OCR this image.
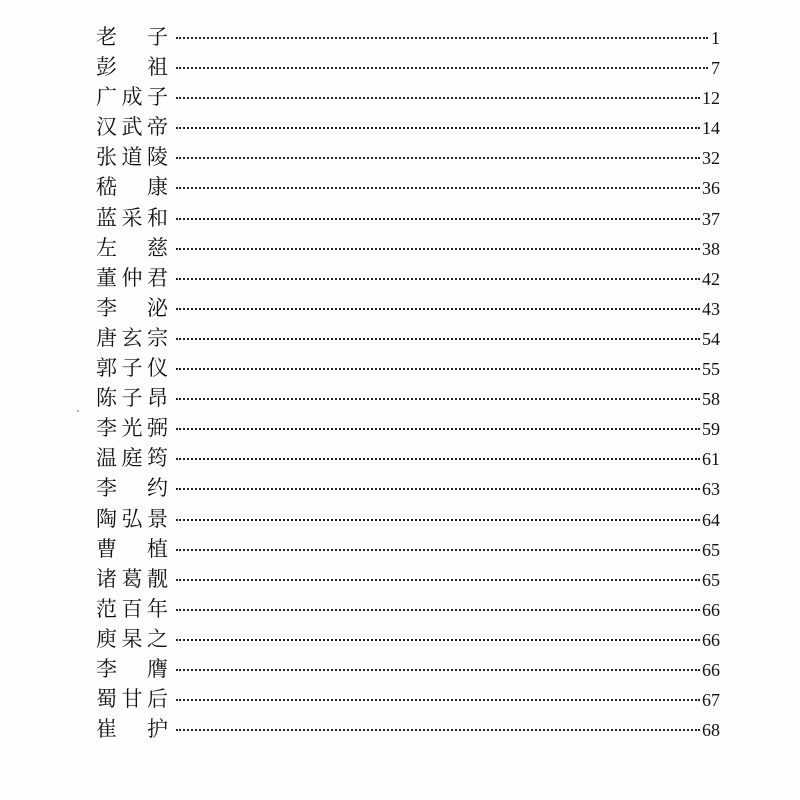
老 子	1
彭 祖	7
广成子	12
汉武帝	14
张道陵	32
嵇 康	36
蓝采和	37
左 慈	38
董仲君	42
李 泌	43
唐玄宗	54
郭子仪	55
陈子昂	58
李光弼	59
温庭筠	61
李 约	63
陶弘景	64
曹 植	65
诸葛靓	65
范百年	66
庾杲之	66
李 膺	66
蜀甘后	67
崔 护	68
